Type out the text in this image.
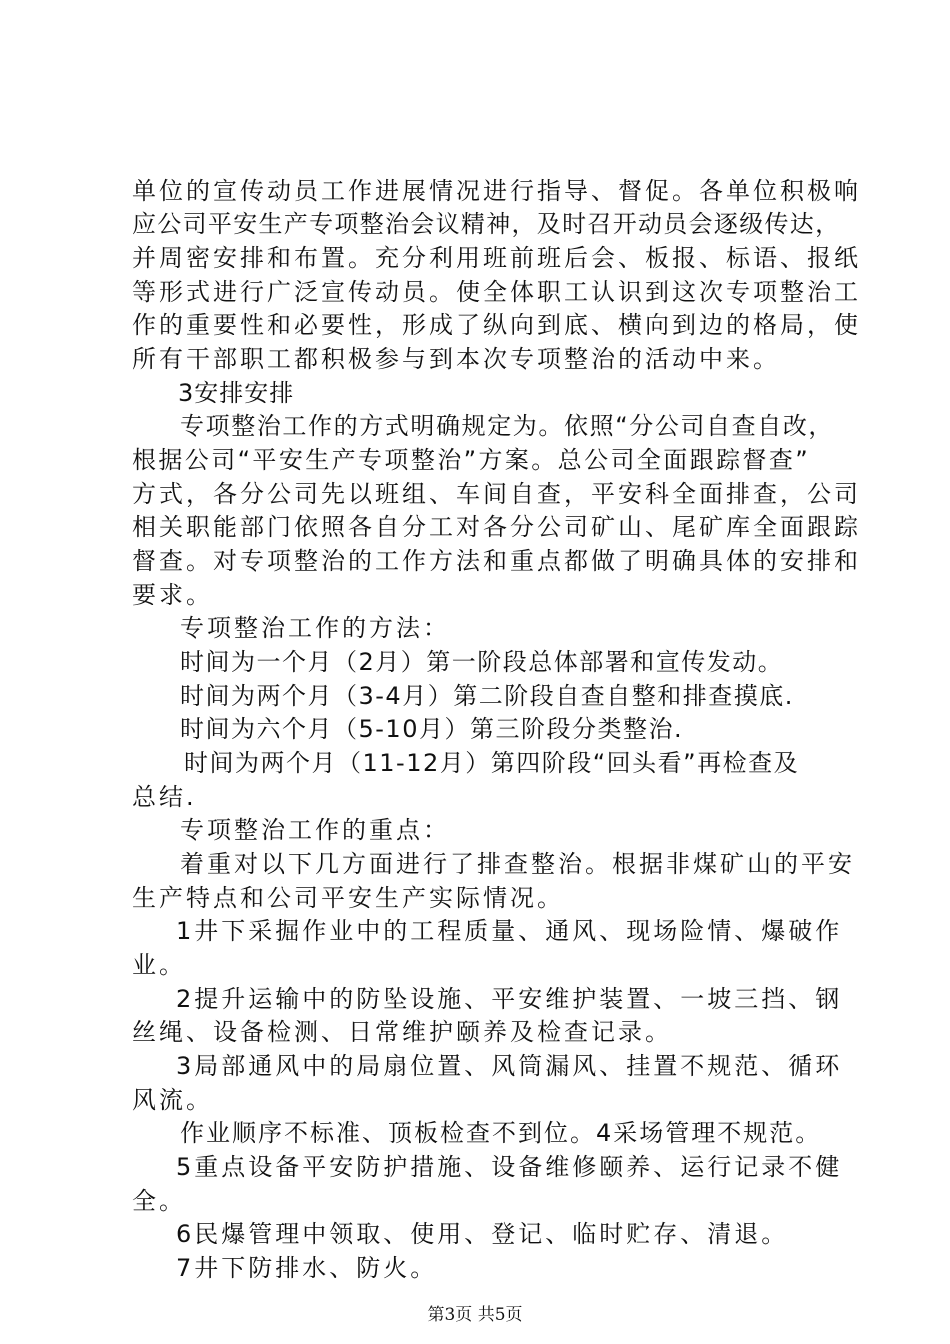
单位的宣传动员工作进展情况进行指导、督促。各单位积极响
应公司平安生产专项整治会议精神，及时召开动员会逐级传达，
并周密安排和布置。充分利用班前班后会、板报、标语、报纸
等形式进行广泛宣传动员。使全体职工认识到这次专项整治工
作的重要性和必要性，形成了纵向到底、横向到边的格局，使
所有干部职工都积极参与到本次专项整治的活动中来。
3安排安排
专项整治工作的方式明确规定为。依照“分公司自查自改，
根据公司“平安生产专项整治”方案。总公司全面跟踪督查”
方式，各分公司先以班组、车间自查，平安科全面排查，公司
相关职能部门依照各自分工对各分公司矿山、尾矿库全面跟踪
督查。对专项整治的工作方法和重点都做了明确具体的安排和
要求。
专项整治工作的方法：
时间为一个月（2月）第一阶段总体部署和宣传发动。
时间为两个月（3-4月）第二阶段自查自整和排查摸底.
时间为六个月（5-10月）第三阶段分类整治.
时间为两个月（11-12月）第四阶段“回头看”再检查及
总结.
专项整治工作的重点：
着重对以下几方面进行了排查整治。根据非煤矿山的平安
生产特点和公司平安生产实际情况。
1井下采掘作业中的工程质量、通风、现场险情、爆破作
业。
2提升运输中的防坠设施、平安维护装置、一坡三挡、钢
丝绳、设备检测、日常维护颐养及检查记录。
3局部通风中的局扇位置、风筒漏风、挂置不规范、循环
风流。
作业顺序不标准、顶板检查不到位。4采场管理不规范。
5重点设备平安防护措施、设备维修颐养、运行记录不健
全。
6民爆管理中领取、使用、登记、临时贮存、清退。
7井下防排水、防火。
第3页 共5页
